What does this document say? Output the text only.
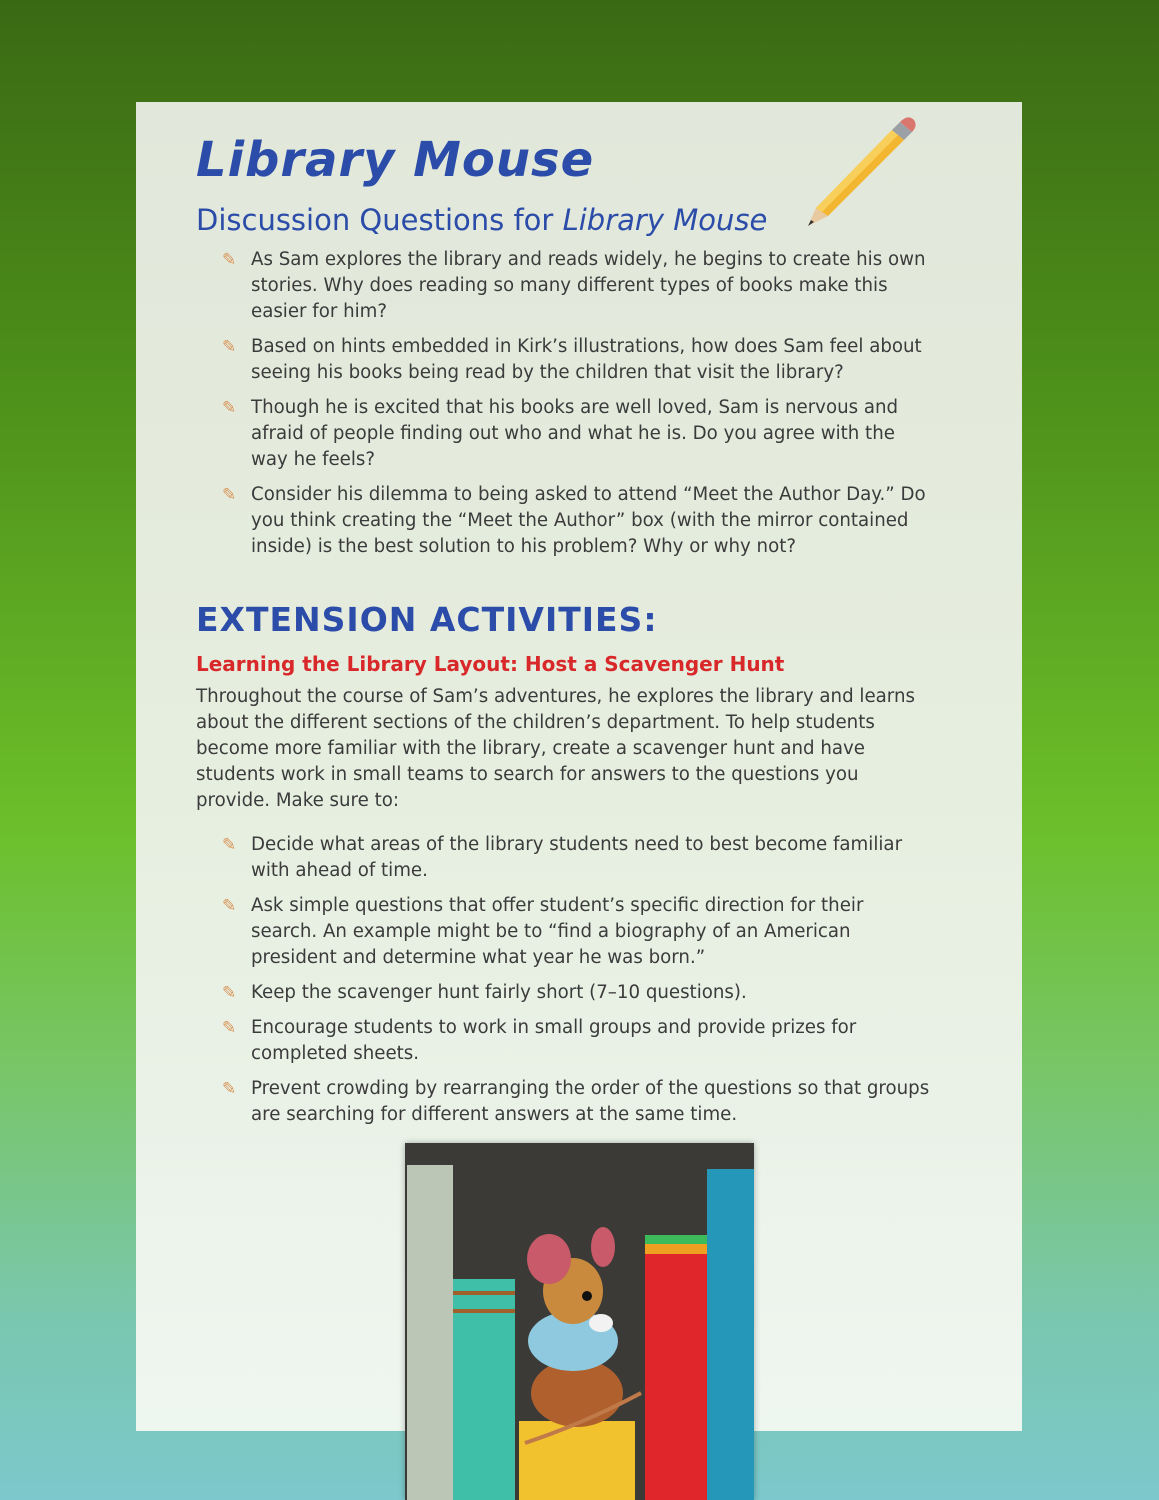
Library Mouse
Discussion Questions for Library Mouse
✎ As Sam explores the library and reads widely, he begins to create his own stories. Why does reading so many different types of books make this easier for him?
✎ Based on hints embedded in Kirk’s illustrations, how does Sam feel about seeing his books being read by the children that visit the library?
✎ Though he is excited that his books are well loved, Sam is nervous and afraid of people finding out who and what he is. Do you agree with the way he feels?
✎ Consider his dilemma to being asked to attend “Meet the Author Day.” Do you think creating the “Meet the Author” box (with the mirror contained inside) is the best solution to his problem? Why or why not?
EXTENSION ACTIVITIES:
Learning the Library Layout: Host a Scavenger Hunt
Throughout the course of Sam’s adventures, he explores the library and learns about the different sections of the children’s department. To help students become more familiar with the library, create a scavenger hunt and have students work in small teams to search for answers to the questions you provide. Make sure to:
✎ Decide what areas of the library students need to best become familiar with ahead of time.
✎ Ask simple questions that offer student’s specific direction for their search. An example might be to “find a biography of an American president and determine what year he was born.”
✎ Keep the scavenger hunt fairly short (7–10 questions).
✎ Encourage students to work in small groups and provide prizes for completed sheets.
✎ Prevent crowding by rearranging the order of the questions so that groups are searching for different answers at the same time.
